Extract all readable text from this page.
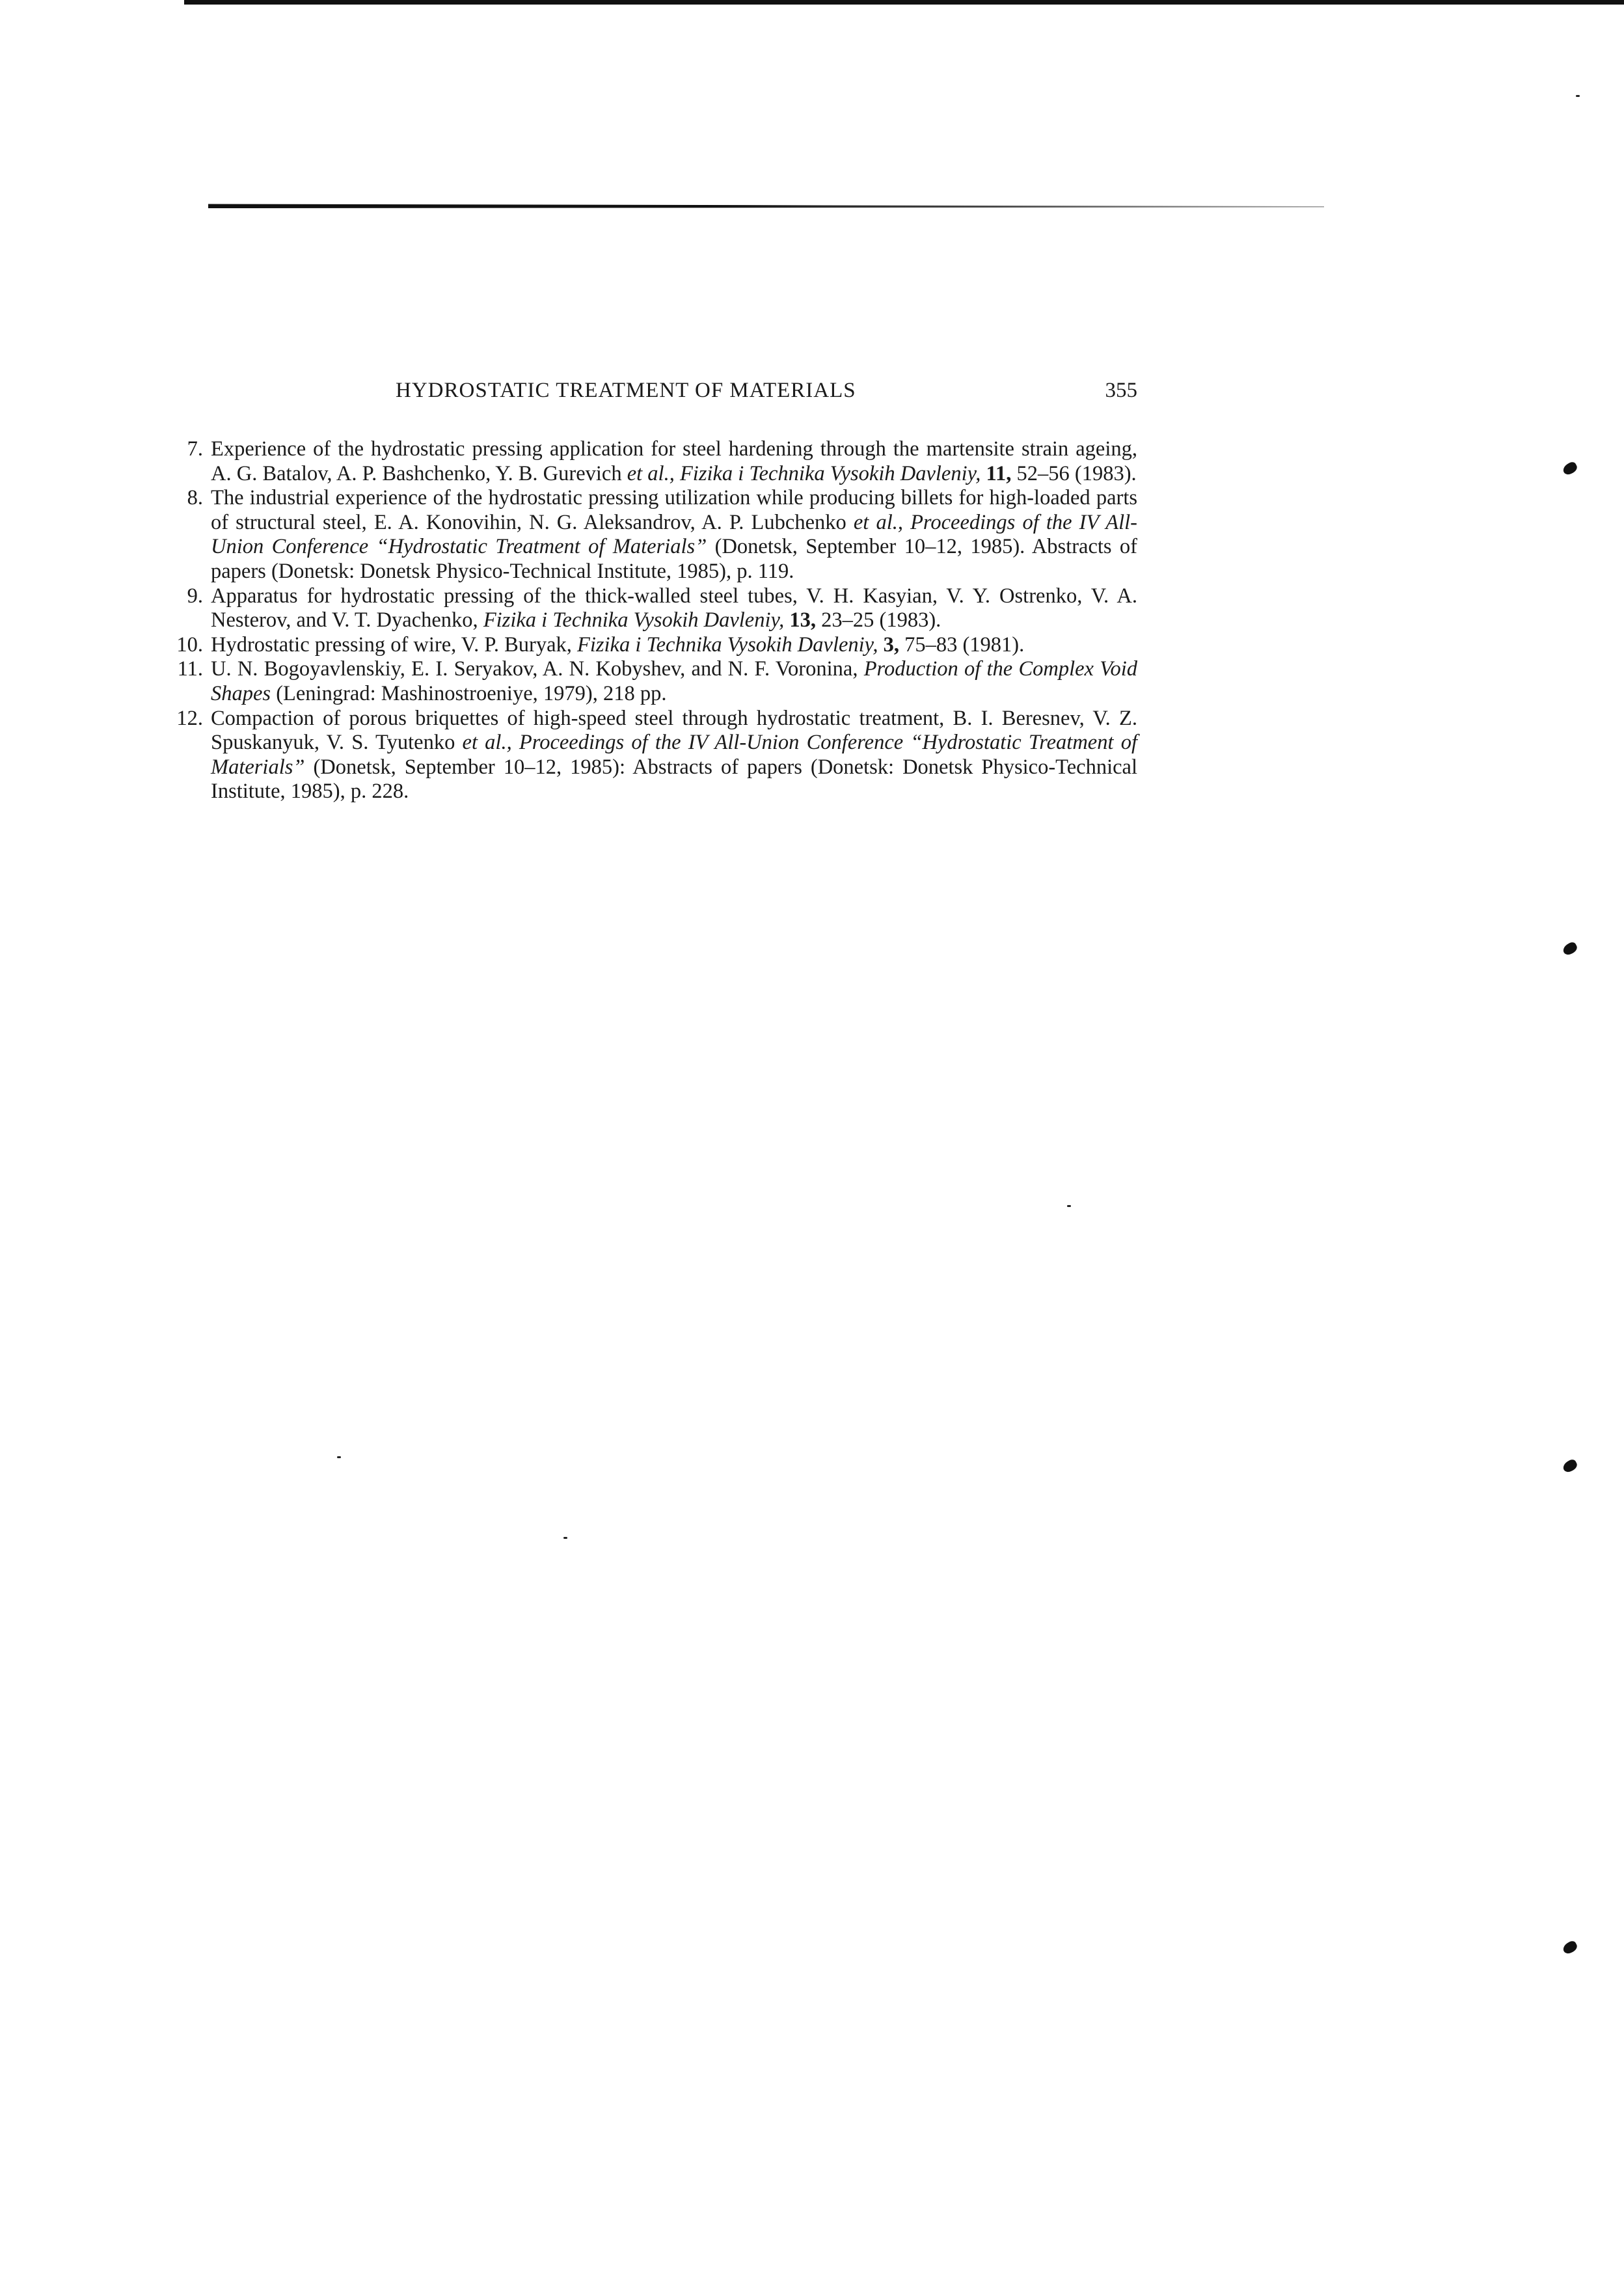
HYDROSTATIC TREATMENT OF MATERIALS	355

7. Experience of the hydrostatic pressing application for steel hardening through the martensite strain ageing, A. G. Batalov, A. P. Bashchenko, Y. B. Gurevich et al., Fizika i Technika Vysokih Davleniy, 11, 52–56 (1983).

8. The industrial experience of the hydrostatic pressing utilization while producing billets for high-loaded parts of structural steel, E. A. Konovihin, N. G. Aleksandrov, A. P. Lubchenko et al., Proceedings of the IV All-Union Conference “Hydrostatic Treatment of Materials” (Donetsk, September 10–12, 1985). Abstracts of papers (Donetsk: Donetsk Physico-Technical Institute, 1985), p. 119.

9. Apparatus for hydrostatic pressing of the thick-walled steel tubes, V. H. Kasyian, V. Y. Ostrenko, V. A. Nesterov, and V. T. Dyachenko, Fizika i Technika Vysokih Davleniy, 13, 23–25 (1983).

10. Hydrostatic pressing of wire, V. P. Buryak, Fizika i Technika Vysokih Davleniy, 3, 75–83 (1981).

11. U. N. Bogoyavlenskiy, E. I. Seryakov, A. N. Kobyshev, and N. F. Voronina, Production of the Complex Void Shapes (Leningrad: Mashinostroeniye, 1979), 218 pp.

12. Compaction of porous briquettes of high-speed steel through hydrostatic treatment, B. I. Beresnev, V. Z. Spuskanyuk, V. S. Tyutenko et al., Proceedings of the IV All-Union Conference “Hydrostatic Treatment of Materials” (Donetsk, September 10–12, 1985): Abstracts of papers (Donetsk: Donetsk Physico-Technical Institute, 1985), p. 228.
